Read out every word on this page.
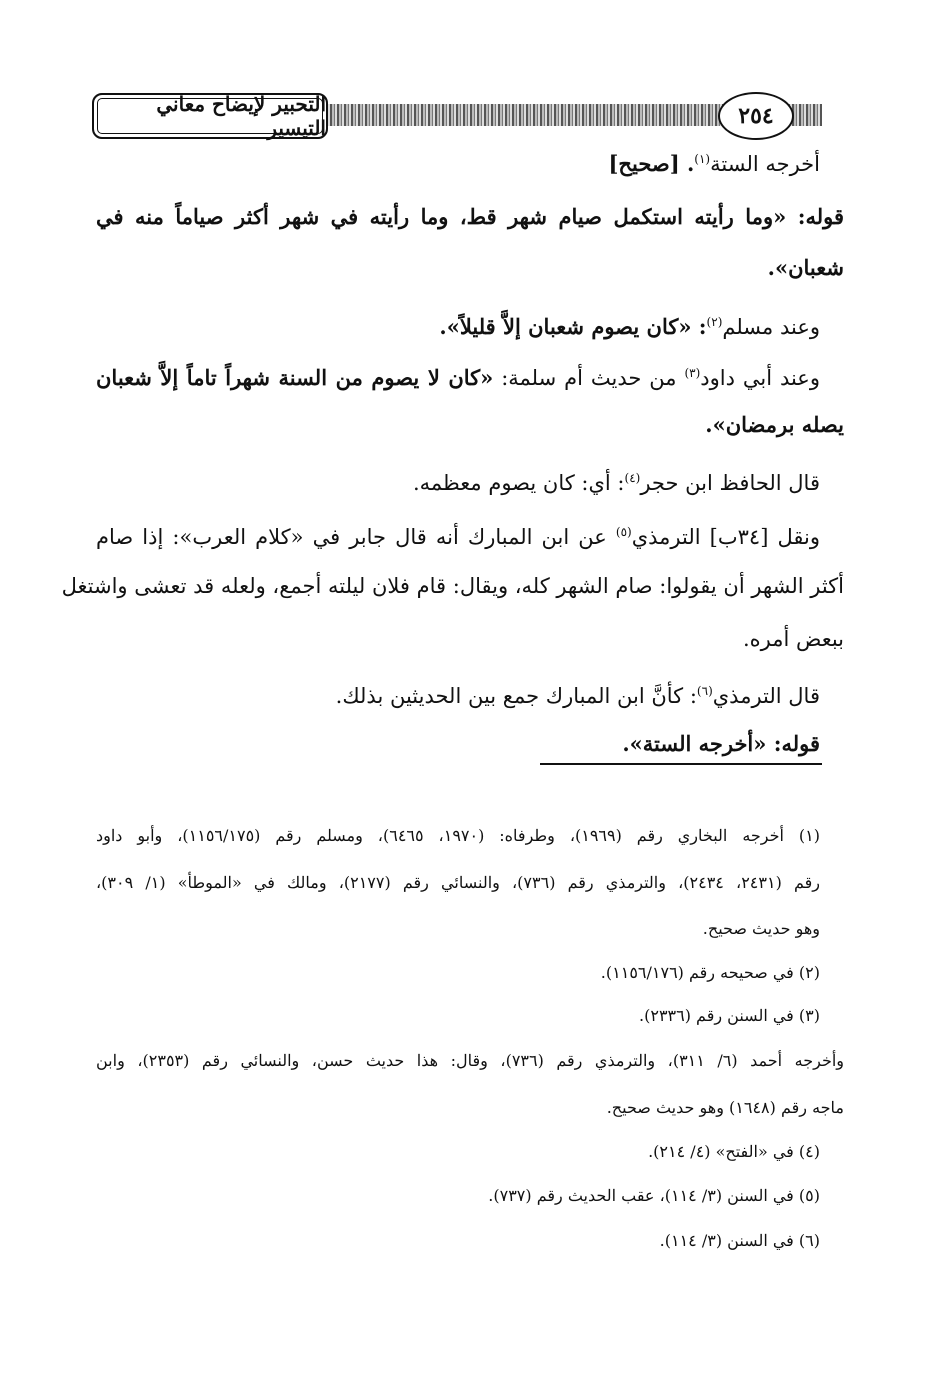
التحبير لإيضاح معاني التيسير	٢٥٤
أخرجه الستة$^{(١)}$. [صحيح]
قوله: «وما رأيته استكمل صيام شهر قط، وما رأيته في شهر أكثر صياماً منه في
شعبان».
وعند مسلم$^{(٢)}$: «كان يصوم شعبان إلاَّ قليلاً».
وعند أبي داود$^{(٣)}$ من حديث أم سلمة: «كان لا يصوم من السنة شهراً تاماً إلاَّ شعبان
يصله برمضان».
قال الحافظ ابن حجر$^{(٤)}$: أي: كان يصوم معظمه.
ونقل [٣٤ب] الترمذي$^{(٥)}$ عن ابن المبارك أنه قال جابر في «كلام العرب»: إذا صام
أكثر الشهر أن يقولوا: صام الشهر كله، ويقال: قام فلان ليلته أجمع، ولعله قد تعشى واشتغل
ببعض أمره.
قال الترمذي$^{(٦)}$: كأنَّ ابن المبارك جمع بين الحديثين بذلك.
قوله: «أخرجه الستة».
(١) أخرجه البخاري رقم (١٩٦٩)، وطرفاه: (١٩٧٠، ٦٤٦٥)، ومسلم رقم (١١٥٦/١٧٥)، وأبو داود
رقم (٢٤٣١، ٢٤٣٤)، والترمذي رقم (٧٣٦)، والنسائي رقم (٢١٧٧)، ومالك في «الموطأ» (١/ ٣٠٩)،
وهو حديث صحيح.
(٢) في صحيحه رقم (١١٥٦/١٧٦).
(٣) في السنن رقم (٢٣٣٦).
وأخرجه أحمد (٦/ ٣١١)، والترمذي رقم (٧٣٦)، وقال: هذا حديث حسن، والنسائي رقم (٢٣٥٣)، وابن
ماجه رقم (١٦٤٨) وهو حديث صحيح.
(٤) في «الفتح» (٤/ ٢١٤).
(٥) في السنن (٣/ ١١٤)، عقب الحديث رقم (٧٣٧).
(٦) في السنن (٣/ ١١٤).
